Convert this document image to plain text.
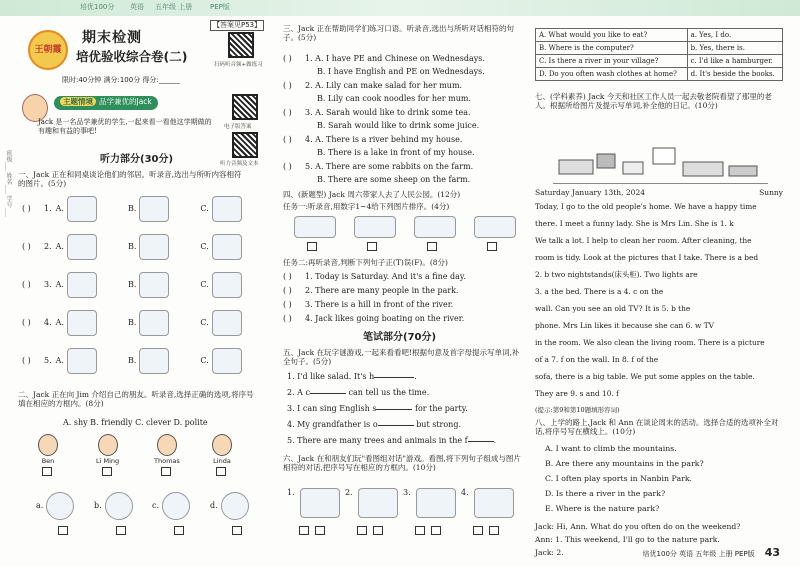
培优100分 英语 五年级 上册	PEP版
班级___ 姓名___ 学号___
王朝霞
期末检测
培优验收综合卷(二)
【答案见P53】
扫码听音频+做练习
电子版答案
听力音频及文本
限时:40分钟 满分:100分 得分:______
主题情境 品学兼优的Jack
Jack 是一名品学兼优的学生,一起来看一看他这学期做的有趣和有益的事吧!
听力部分(30分)
一、Jack 正在和同桌谈论他们的邻居。听录音,选出与所听内容相符的图片。(5分)
( )	1. A.	B.	C.
( )	2. A.	B.	C.
( )	3. A.	B.	C.
( )	4. A.	B.	C.
( )	5. A.	B.	C.
二、Jack 正在向 Jim 介绍自己的朋友。听录音,选择正确的选项,将序号填在相应的方框内。(8分)
A. shy B. friendly C. clever D. polite
Ben	Li Ming	Thomas	Linda
a.	b.	c.	d.
三、Jack 正在帮助同学们练习口语。听录音,选出与所听对话相符的句子。(5分)
( )	1. A. I have PE and Chinese on Wednesdays.
B. I have English and PE on Wednesdays.
( )	2. A. Lily can make salad for her mum.
B. Lily can cook noodles for her mum.
( )	3. A. Sarah would like to drink some tea.
B. Sarah would like to drink some juice.
( )	4. A. There is a river behind my house.
B. There is a lake in front of my house.
( )	5. A. There are some rabbits on the farm.
B. There are some sheep on the farm.
四、(新题型) Jack 周六带家人去了人民公园。(12分)
任务一:听录音,用数字1~4给下列图片排序。(4分)
任务二:再听录音,判断下列句子正(T)误(F)。(8分)
( )	1. Today is Saturday. And it's a fine day.
( )	2. There are many people in the park.
( )	3. There is a hill in front of the river.
( )	4. Jack likes going boating on the river.
笔试部分(70分)
五、Jack 在玩字谜游戏,一起来看看吧!根据句意及首字母提示写单词,补全句子。(5分)
1. I'd like salad. It's h	.
2. A c
	can tell us the time.
3. I can sing English s
	for the party.
4. My grandfather is o
	but strong.
5. There are many trees and animals in the f	.
六、Jack 在和朋友们玩"看图组对话"游戏。看图,将下列句子组成与图片相符的对话,把序号写在相应的方框内。(10分)
1.	2.	3.	4.
A. What would you like to eat?	a. Yes, I do.
B. Where is the computer?	b. Yes, there is.
C. Is there a river in your village?	c. I'd like a hamburger.
D. Do you often wash clothes at home?	d. It's beside the books.
七、(学科素养) Jack 今天和社区工作人员一起去敬老院看望了那里的老人。根据所给图片及提示写单词,补全他的日记。(10分)
Saturday January 13th, 2024	Sunny
Today, I go to the old people's home. We have a happy time
there. I meet a funny lady. She is Mrs Lin. She is 1. k
We talk a lot. I help to clean her room. After cleaning, the
room is tidy. Look at the pictures that I take. There is a bed
2. b two nightstands(床头柜). Two lights are
3. a the bed. There is a 4. c on the
wall. Can you see an old TV? It is 5. b the
phone. Mrs Lin likes it because she can 6. w TV
in the room. We also clean the living room. There is a picture
of a 7. f on the wall. In 8. f of the
sofa, there is a big table. We put some apples on the table.
They are 9. s and 10. f
(提示:第9和第10题填形容词)
八、上学的路上,Jack 和 Ann 在谈论周末的活动。选择合适的选项补全对话,将序号写在横线上。(10分)
A. I want to climb the mountains.
B. Are there any mountains in the park?
C. I often play sports in Nanbin Park.
D. Is there a river in the park?
E. Where is the nature park?
Jack: Hi, Ann. What do you often do on the weekend?
Ann: 1. This weekend, I'll go to the nature park.
Jack: 2.	培优100分 英语 五年级 上册 PEP版 43
